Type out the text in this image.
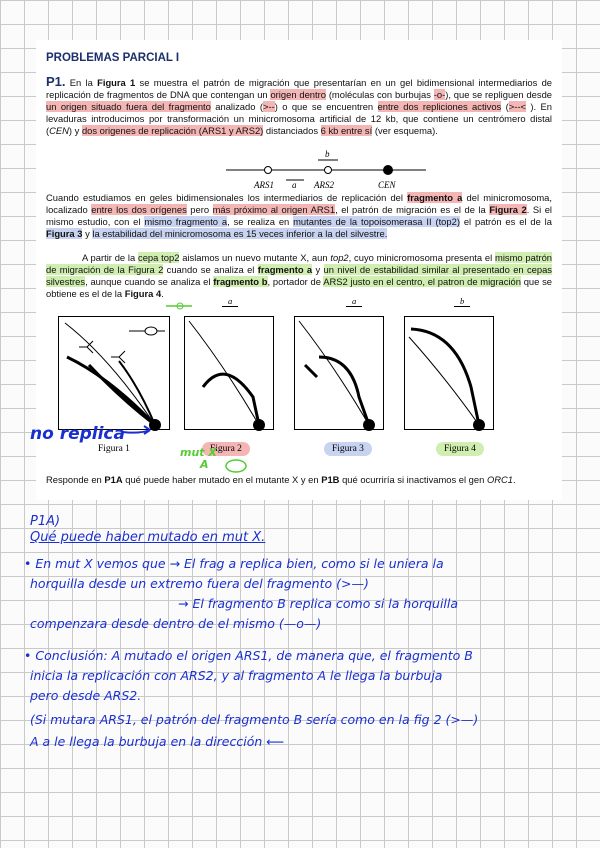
PROBLEMAS PARCIAL I
P1. En la Figura 1 se muestra el patrón de migración que presentarían en un gel bidimensional intermediarios de replicación de fragmentos de DNA que contengan un origen dentro (moléculas con burbujas -o-), que se repliguen desde un origen situado fuera del fragmento analizado (>--) o que se encuentren entre dos repliciones activos (>--< ). En levaduras introducimos por transformación un minicromosoma artificial de 12 kb, que contiene un centrómero distal (CEN) y dos origenes de replicación (ARS1 y ARS2) distanciados 6 kb entre sí (ver esquema).
ARS1 a ARS2	CEN
b
Cuando estudiamos en geles bidimensionales los intermediarios de replicación del fragmento a del minicromosoma, localizado entre los dos orígenes pero más próximo al origen ARS1, el patrón de migración es el de la Figura 2. Si el mismo estudio, con el mismo fragmento a, se realiza en mutantes de la topoisomerasa II (top2) el patrón es el de la Figura 3 y la estabilidad del minicromosoma es 15 veces inferior a la del silvestre.
A partir de la cepa top2 aislamos un nuevo mutante X, aun top2, cuyo minicromosoma presenta el mismo patrón de migración de la Figura 2 cuando se analiza el fragmento a y un nivel de estabilidad similar al presentado en cepas silvestres, aunque cuando se analiza el fragmento b, portador de ARS2 justo en el centro, el patron de migración que se obtiene es el de la Figura 4.
a	a	b
Figura 1	Figura 2	Figura 3	Figura 4
Responde en P1A qué puede haber mutado en el mutante X y en P1B qué ocurriría si inactivamos el gen ORC1.
no replica
mut X
A
P1A)
Qué puede haber mutado en mut X.
• En mut X vemos que → El frag a replica bien, como si le uniera la
horquilla desde un extremo fuera del fragmento (>—)
→ El fragmento B replica como si la horquilla
compenzara desde dentro de el mismo (—o—)
• Conclusión: A mutado el origen ARS1, de manera que, el fragmento B
inicia la replicación con ARS2, y al fragmento A le llega la burbuja
pero desde ARS2.
(Si mutara ARS1, el patrón del fragmento B sería como en la fig 2 (>—)
A a le llega la burbuja en la dirección ⟵
